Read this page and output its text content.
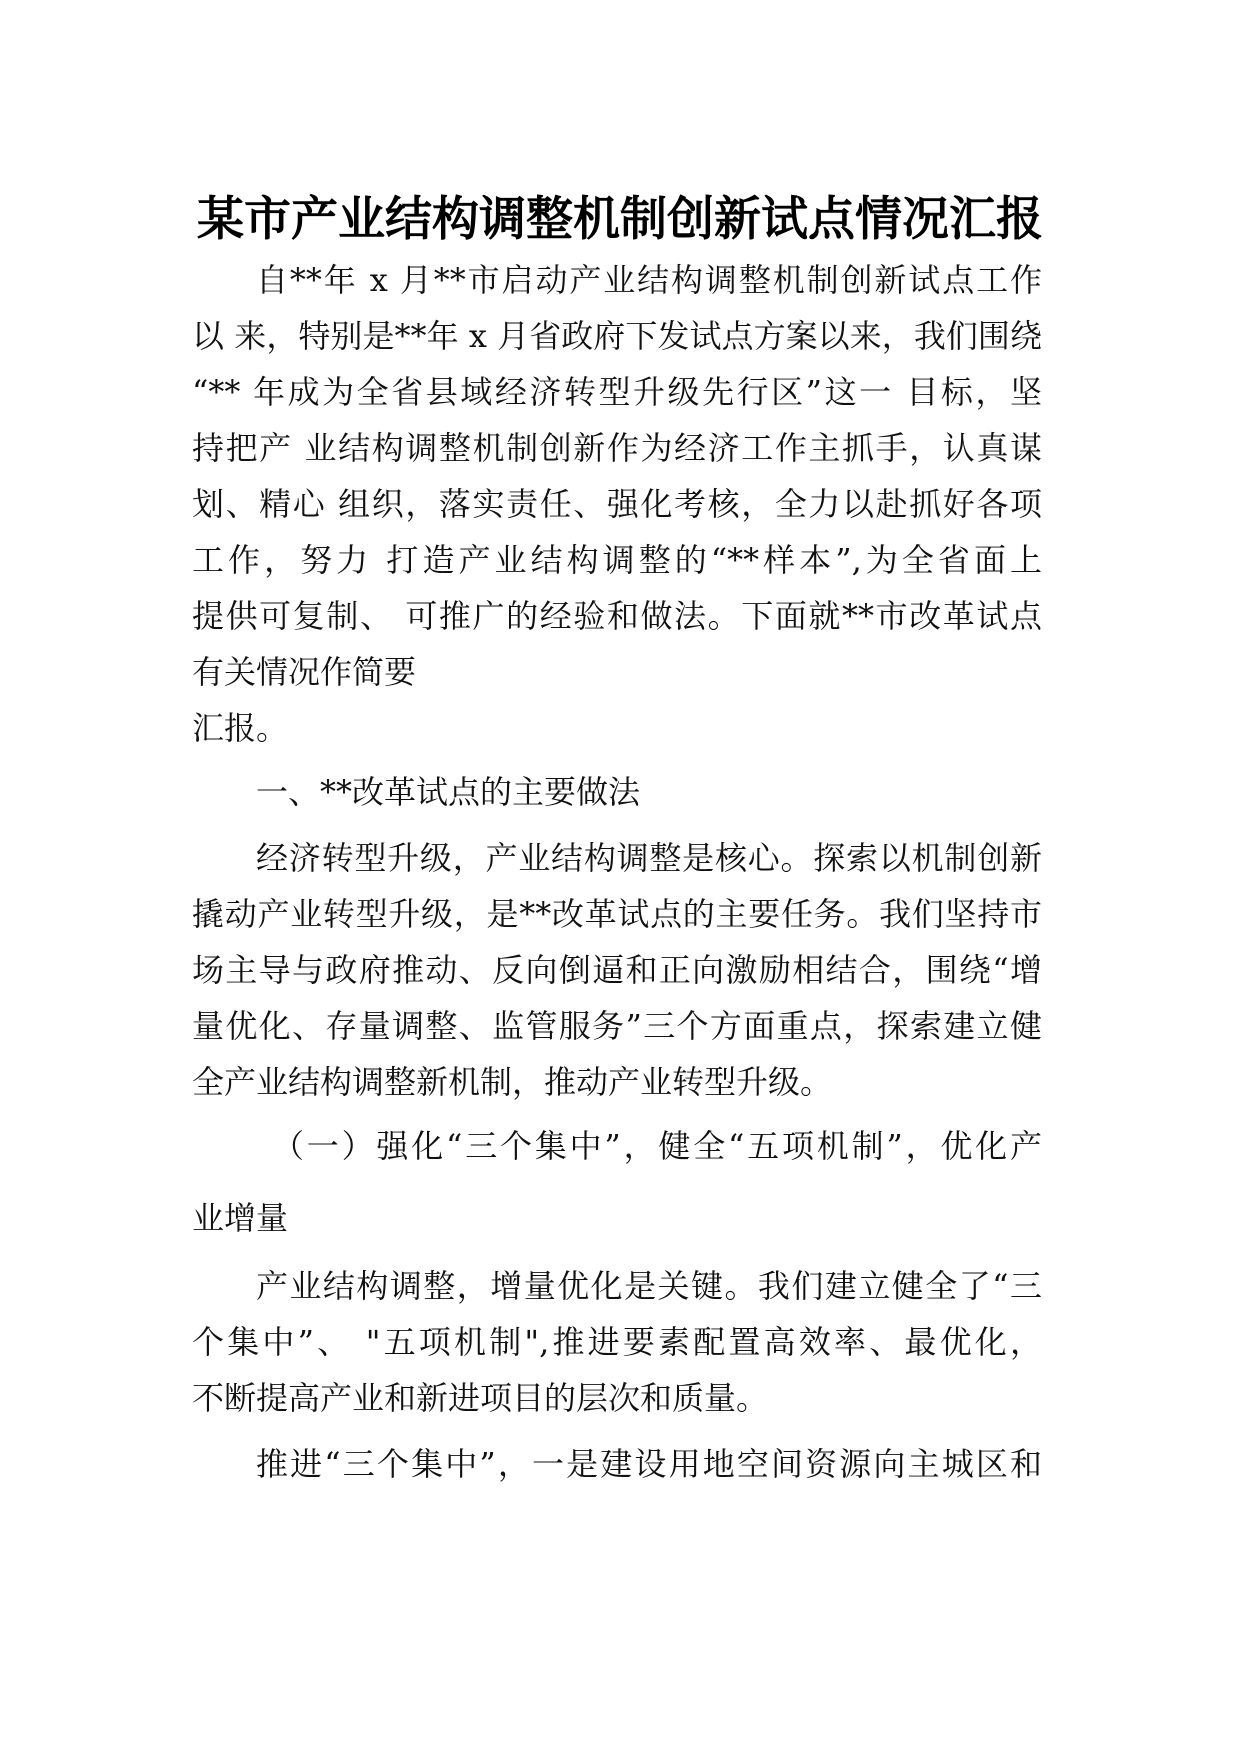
某市产业结构调整机制创新试点情况汇报
自**年 x 月**市启动产业结构调整机制创新试点工作
以 来，特别是**年 x 月省政府下发试点方案以来，我们围绕
“** 年成为全省县域经济转型升级先行区”这一 目标，坚
持把产 业结构调整机制创新作为经济工作主抓手，认真谋
划、精心 组织，落实责任、强化考核，全力以赴抓好各项
工作，努力 打造产业结构调整的“**样本”,为全省面上
提供可复制、 可推广的经验和做法。下面就**市改革试点
有关情况作简要
汇报。
一、**改革试点的主要做法
经济转型升级，产业结构调整是核心。探索以机制创新
撬动产业转型升级，是**改革试点的主要任务。我们坚持市
场主导与政府推动、反向倒逼和正向激励相结合，围绕“增
量优化、存量调整、监管服务”三个方面重点，探索建立健
全产业结构调整新机制，推动产业转型升级。
（一）强化“三个集中”，健全“五项机制”，优化产
业增量
产业结构调整，增量优化是关键。我们建立健全了“三
个集中”、 "五项机制",推进要素配置高效率、最优化，
不断提高产业和新进项目的层次和质量。
推进“三个集中”，一是建设用地空间资源向主城区和
